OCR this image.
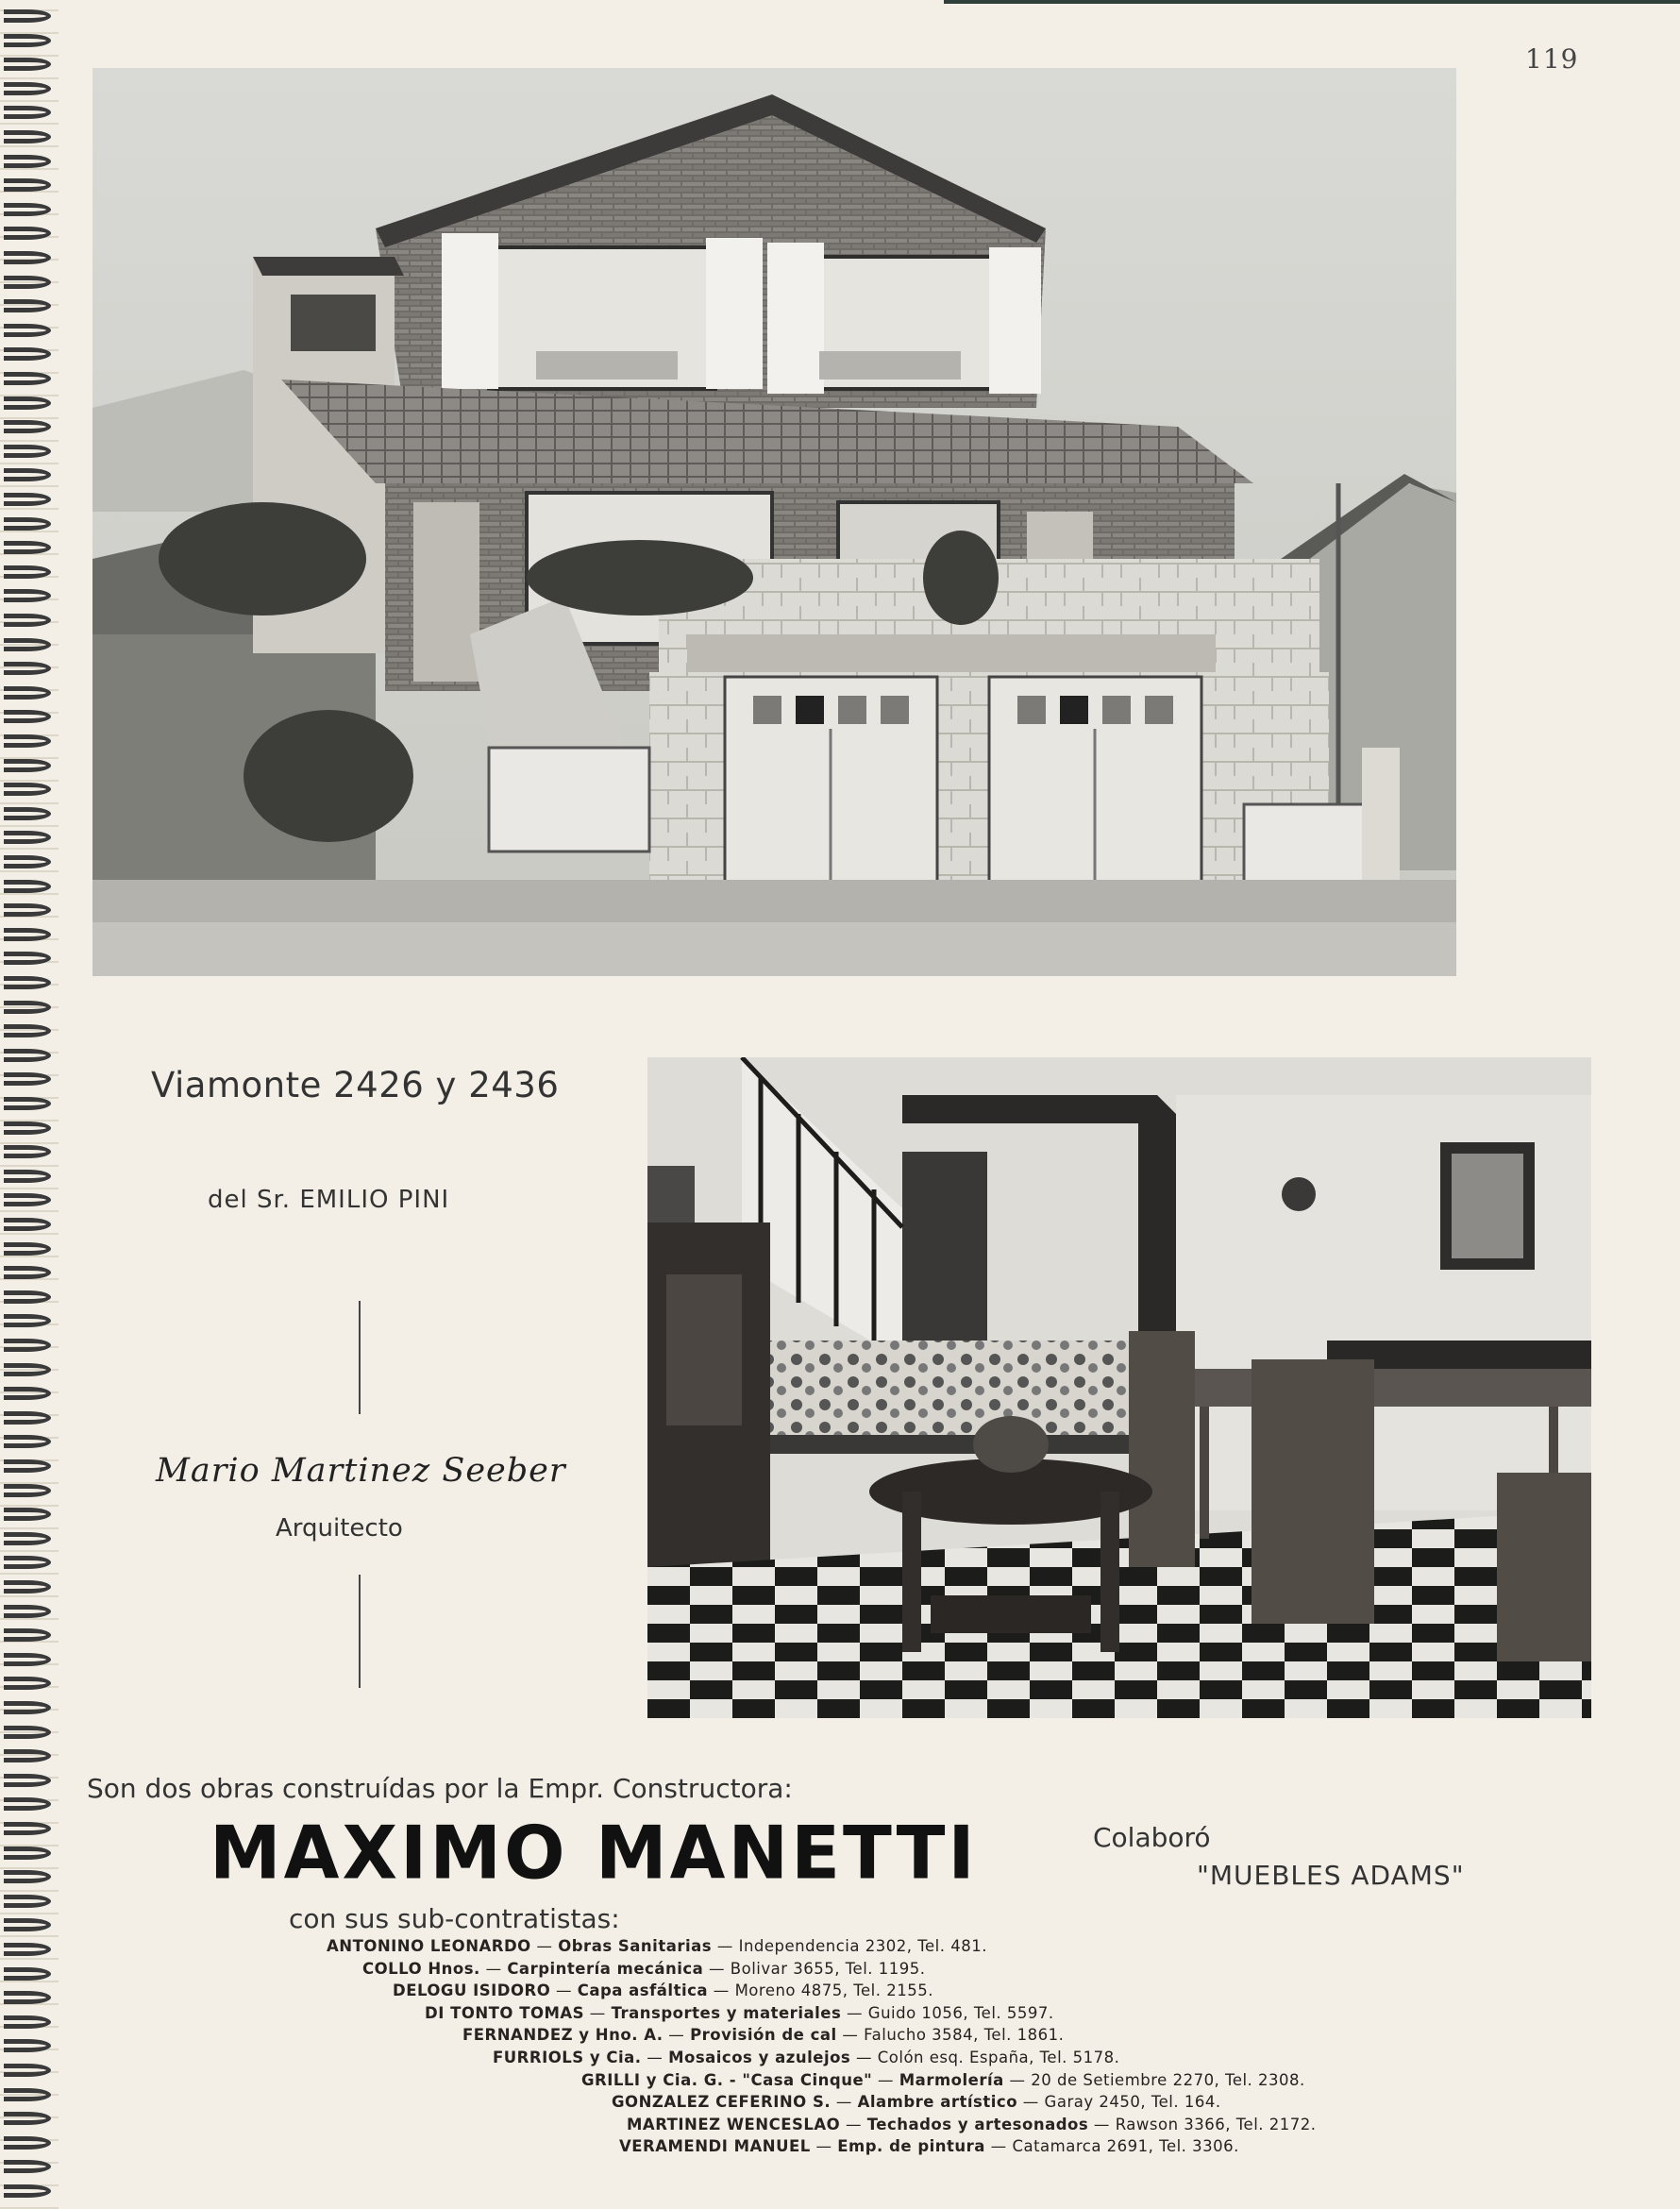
119
Viamonte 2426 y 2436
del Sr. EMILIO PINI
Mario Martinez Seeber
Arquitecto
Son dos obras construídas por la Empr. Constructora:
MAXIMO MANETTI
con sus sub-contratistas:
Colaboró
"MUEBLES ADAMS"
ANTONINO LEONARDO — Obras Sanitarias — Independencia 2302, Tel. 481.
COLLO Hnos. — Carpintería mecánica — Bolivar 3655, Tel. 1195.
DELOGU ISIDORO — Capa asfáltica — Moreno 4875, Tel. 2155.
DI TONTO TOMAS — Transportes y materiales — Guido 1056, Tel. 5597.
FERNANDEZ y Hno. A. — Provisión de cal — Falucho 3584, Tel. 1861.
FURRIOLS y Cia. — Mosaicos y azulejos — Colón esq. España, Tel. 5178.
GRILLI y Cia. G. - "Casa Cinque" — Marmolería — 20 de Setiembre 2270, Tel. 2308.
GONZALEZ CEFERINO S. — Alambre artístico — Garay 2450, Tel. 164.
MARTINEZ WENCESLAO — Techados y artesonados — Rawson 3366, Tel. 2172.
VERAMENDI MANUEL — Emp. de pintura — Catamarca 2691, Tel. 3306.
